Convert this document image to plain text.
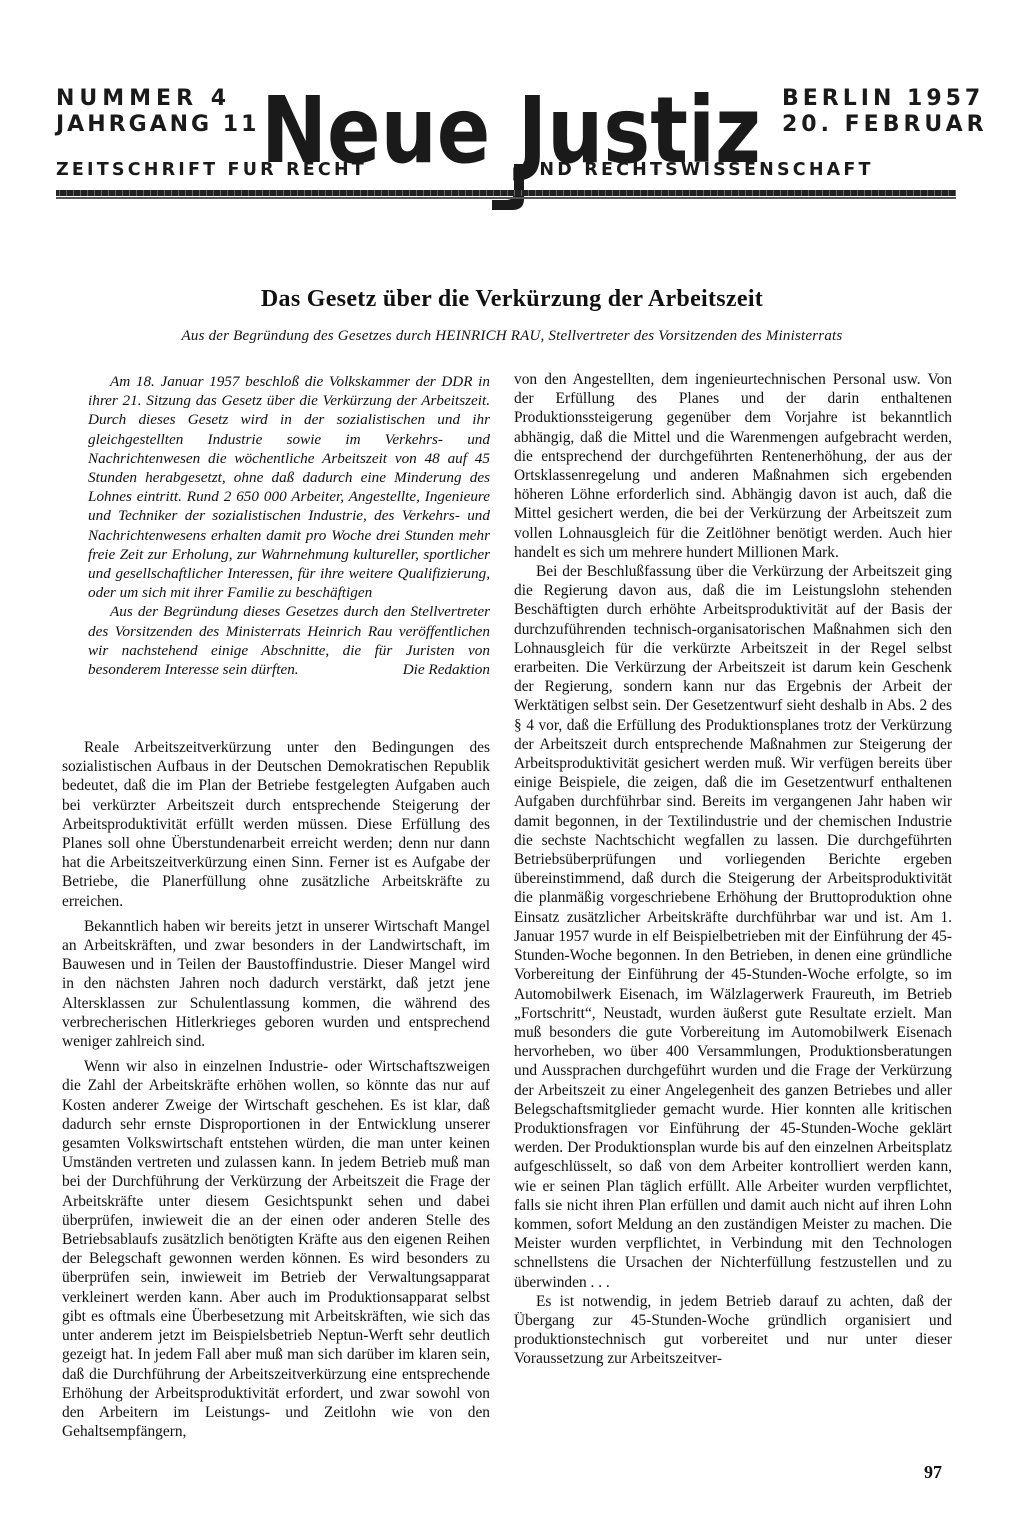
NUMMER 4
JAHRGANG 11 Neue Justiz BERLIN 1957
20. FEBRUAR
ZEITSCHRIFT FUR RECHT	UND RECHTSWISSENSCHAFT
Das Gesetz über die Verkürzung der Arbeitszeit
Aus der Begründung des Gesetzes durch HEINRICH RAU, Stellvertreter des Vorsitzenden des Ministerrats

Am 18. Januar 1957 beschloß die Volkskammer der DDR in ihrer 21. Sitzung das Gesetz über die Verkürzung der Arbeitszeit. Durch dieses Gesetz wird in der sozialistischen und ihr gleichgestellten Industrie sowie im Verkehrs- und Nachrichtenwesen die wöchentliche Arbeitszeit von 48 auf 45 Stunden herabgesetzt, ohne daß dadurch eine Minderung des Lohnes eintritt. Rund 2 650 000 Arbeiter, Angestellte, Ingenieure und Techniker der sozialistischen Industrie, des Verkehrs- und Nachrichtenwesens erhalten damit pro Woche drei Stunden mehr freie Zeit zur Erholung, zur Wahrnehmung kultureller, sportlicher und gesellschaftlicher Interessen, für ihre weitere Qualifizierung, oder um sich mit ihrer Familie zu beschäftigen

Aus der Begründung dieses Gesetzes durch den Stellvertreter des Vorsitzenden des Ministerrats Heinrich Rau veröffentlichen wir nachstehend einige Abschnitte, die für Juristen von besonderem Interesse sein dürften.	Die Redaktion

Reale Arbeitszeitverkürzung unter den Bedingungen des sozialistischen Aufbaus in der Deutschen Demokratischen Republik bedeutet, daß die im Plan der Betriebe festgelegten Aufgaben auch bei verkürzter Arbeitszeit durch entsprechende Steigerung der Arbeitsproduktivität erfüllt werden müssen. Diese Erfüllung des Planes soll ohne Überstundenarbeit erreicht werden; denn nur dann hat die Arbeitszeitverkürzung einen Sinn. Ferner ist es Aufgabe der Betriebe, die Planerfüllung ohne zusätzliche Arbeitskräfte zu erreichen.

Bekanntlich haben wir bereits jetzt in unserer Wirtschaft Mangel an Arbeitskräften, und zwar besonders in der Landwirtschaft, im Bauwesen und in Teilen der Baustoffindustrie. Dieser Mangel wird in den nächsten Jahren noch dadurch verstärkt, daß jetzt jene Altersklassen zur Schulentlassung kommen, die während des verbrecherischen Hitlerkrieges geboren wurden und entsprechend weniger zahlreich sind.

Wenn wir also in einzelnen Industrie- oder Wirtschaftszweigen die Zahl der Arbeitskräfte erhöhen wollen, so könnte das nur auf Kosten anderer Zweige der Wirtschaft geschehen. Es ist klar, daß dadurch sehr ernste Disproportionen in der Entwicklung unserer gesamten Volkswirtschaft entstehen würden, die man unter keinen Umständen vertreten und zulassen kann. In jedem Betrieb muß man bei der Durchführung der Verkürzung der Arbeitszeit die Frage der Arbeitskräfte unter diesem Gesichtspunkt sehen und dabei überprüfen, inwieweit die an der einen oder anderen Stelle des Betriebsablaufs zusätzlich benötigten Kräfte aus den eigenen Reihen der Belegschaft gewonnen werden können. Es wird besonders zu überprüfen sein, inwieweit im Betrieb der Verwaltungsapparat verkleinert werden kann. Aber auch im Produktionsapparat selbst gibt es oftmals eine Überbesetzung mit Arbeitskräften, wie sich das unter anderem jetzt im Beispielsbetrieb Neptun-Werft sehr deutlich gezeigt hat. In jedem Fall aber muß man sich darüber im klaren sein, daß die Durchführung der Arbeitszeitverkürzung eine entsprechende Erhöhung der Arbeitsproduktivität erfordert, und zwar sowohl von den Arbeitern im Leistungs- und Zeitlohn wie von den Gehaltsempfängern,

von den Angestellten, dem ingenieurtechnischen Personal usw. Von der Erfüllung des Planes und der darin enthaltenen Produktionssteigerung gegenüber dem Vorjahre ist bekanntlich abhängig, daß die Mittel und die Warenmengen aufgebracht werden, die entsprechend der durchgeführten Rentenerhöhung, der aus der Ortsklassenregelung und anderen Maßnahmen sich ergebenden höheren Löhne erforderlich sind. Abhängig davon ist auch, daß die Mittel gesichert werden, die bei der Verkürzung der Arbeitszeit zum vollen Lohnausgleich für die Zeitlöhner benötigt werden. Auch hier handelt es sich um mehrere hundert Millionen Mark.

Bei der Beschlußfassung über die Verkürzung der Arbeitszeit ging die Regierung davon aus, daß die im Leistungslohn stehenden Beschäftigten durch erhöhte Arbeitsproduktivität auf der Basis der durchzuführenden technisch-organisatorischen Maßnahmen sich den Lohnausgleich für die verkürzte Arbeitszeit in der Regel selbst erarbeiten. Die Verkürzung der Arbeitszeit ist darum kein Geschenk der Regierung, sondern kann nur das Ergebnis der Arbeit der Werktätigen selbst sein. Der Gesetzentwurf sieht deshalb in Abs. 2 des § 4 vor, daß die Erfüllung des Produktionsplanes trotz der Verkürzung der Arbeitszeit durch entsprechende Maßnahmen zur Steigerung der Arbeitsproduktivität gesichert werden muß. Wir verfügen bereits über einige Beispiele, die zeigen, daß die im Gesetzentwurf enthaltenen Aufgaben durchführbar sind. Bereits im vergangenen Jahr haben wir damit begonnen, in der Textilindustrie und der chemischen Industrie die sechste Nachtschicht wegfallen zu lassen. Die durchgeführten Betriebsüberprüfungen und vorliegenden Berichte ergeben übereinstimmend, daß durch die Steigerung der Arbeitsproduktivität die planmäßig vorgeschriebene Erhöhung der Bruttoproduktion ohne Einsatz zusätzlicher Arbeitskräfte durchführbar war und ist. Am 1. Januar 1957 wurde in elf Beispielbetrieben mit der Einführung der 45-Stunden-Woche begonnen. In den Betrieben, in denen eine gründliche Vorbereitung der Einführung der 45-Stunden-Woche erfolgte, so im Automobilwerk Eisenach, im Wälzlagerwerk Fraureuth, im Betrieb „Fortschritt“, Neustadt, wurden äußerst gute Resultate erzielt. Man muß besonders die gute Vorbereitung im Automobilwerk Eisenach hervorheben, wo über 400 Versammlungen, Produktionsberatungen und Aussprachen durchgeführt wurden und die Frage der Verkürzung der Arbeitszeit zu einer Angelegenheit des ganzen Betriebes und aller Belegschaftsmitglieder gemacht wurde. Hier konnten alle kritischen Produktionsfragen vor Einführung der 45-Stunden-Woche geklärt werden. Der Produktionsplan wurde bis auf den einzelnen Arbeitsplatz aufgeschlüsselt, so daß von dem Arbeiter kontrolliert werden kann, wie er seinen Plan täglich erfüllt. Alle Arbeiter wurden verpflichtet, falls sie nicht ihren Plan erfüllen und damit auch nicht auf ihren Lohn kommen, sofort Meldung an den zuständigen Meister zu machen. Die Meister wurden verpflichtet, in Verbindung mit den Technologen schnellstens die Ursachen der Nichterfüllung festzustellen und zu überwinden . . .

Es ist notwendig, in jedem Betrieb darauf zu achten, daß der Übergang zur 45-Stunden-Woche gründlich organisiert und produktionstechnisch gut vorbereitet und nur unter dieser Voraussetzung zur Arbeitszeitver-

97
